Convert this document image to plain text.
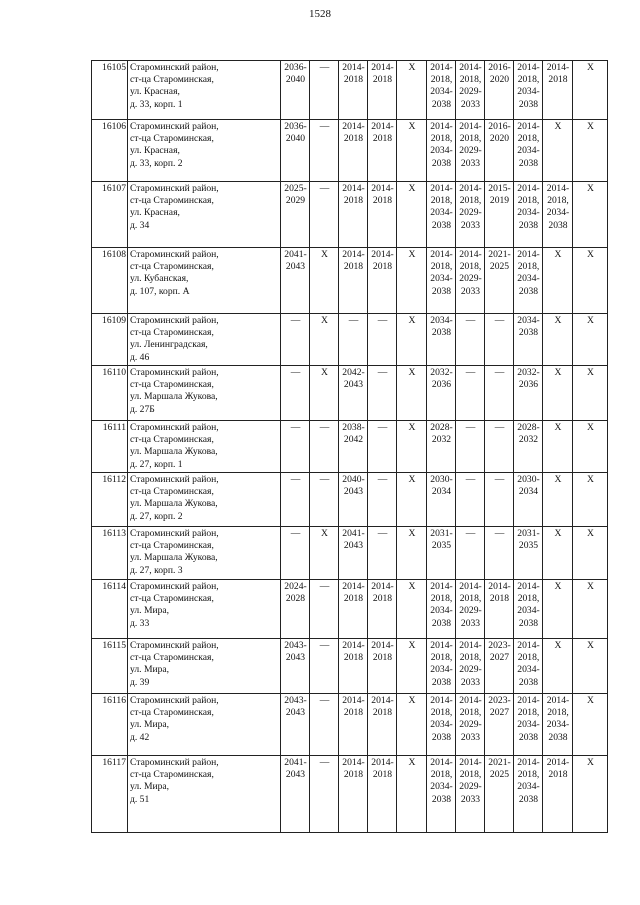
1528
16105	Староминский район,
ст-ца Староминская,
ул. Красная,
д. 33, корп. 1	2036-
2040	—	2014-
2018	2014-
2018	X	2014-
2018,
2034-
2038	2014-
2018,
2029-
2033	2016-
2020	2014-
2018,
2034-
2038	2014-
2018	X

16106	Староминский район,
ст-ца Староминская,
ул. Красная,
д. 33, корп. 2	2036-
2040	—	2014-
2018	2014-
2018	X	2014-
2018,
2034-
2038	2014-
2018,
2029-
2033	2016-
2020	2014-
2018,
2034-
2038	X	X

16107	Староминский район,
ст-ца Староминская,
ул. Красная,
д. 34	2025-
2029	—	2014-
2018	2014-
2018	X	2014-
2018,
2034-
2038	2014-
2018,
2029-
2033	2015-
2019	2014-
2018,
2034-
2038	2014-
2018,
2034-
2038	X

16108	Староминский район,
ст-ца Староминская,
ул. Кубанская,
д. 107, корп. А	2041-
2043	X	2014-
2018	2014-
2018	X	2014-
2018,
2034-
2038	2014-
2018,
2029-
2033	2021-
2025	2014-
2018,
2034-
2038	X	X

16109	Староминский район,
ст-ца Староминская,
ул. Ленинградская,
д. 46	—	X	—	—	X	2034-
2038	—	—	2034-
2038	X	X

16110	Староминский район,
ст-ца Староминская,
ул. Маршала Жукова,
д. 27Б	—	X	2042-
2043	—	X	2032-
2036	—	—	2032-
2036	X	X

16111	Староминский район,
ст-ца Староминская,
ул. Маршала Жукова,
д. 27, корп. 1	—	—	2038-
2042	—	X	2028-
2032	—	—	2028-
2032	X	X

16112	Староминский район,
ст-ца Староминская,
ул. Маршала Жукова,
д. 27, корп. 2	—	—	2040-
2043	—	X	2030-
2034	—	—	2030-
2034	X	X

16113	Староминский район,
ст-ца Староминская,
ул. Маршала Жукова,
д. 27, корп. 3	—	X	2041-
2043	—	X	2031-
2035	—	—	2031-
2035	X	X

16114	Староминский район,
ст-ца Староминская,
ул. Мира,
д. 33	2024-
2028	—	2014-
2018	2014-
2018	X	2014-
2018,
2034-
2038	2014-
2018,
2029-
2033	2014-
2018	2014-
2018,
2034-
2038	X	X

16115	Староминский район,
ст-ца Староминская,
ул. Мира,
д. 39	2043-
2043	—	2014-
2018	2014-
2018	X	2014-
2018,
2034-
2038	2014-
2018,
2029-
2033	2023-
2027	2014-
2018,
2034-
2038	X	X

16116	Староминский район,
ст-ца Староминская,
ул. Мира,
д. 42	2043-
2043	—	2014-
2018	2014-
2018	X	2014-
2018,
2034-
2038	2014-
2018,
2029-
2033	2023-
2027	2014-
2018,
2034-
2038	2014-
2018,
2034-
2038	X

16117	Староминский район,
ст-ца Староминская,
ул. Мира,
д. 51	2041-
2043	—	2014-
2018	2014-
2018	X	2014-
2018,
2034-
2038	2014-
2018,
2029-
2033	2021-
2025	2014-
2018,
2034-
2038	2014-
2018	X
